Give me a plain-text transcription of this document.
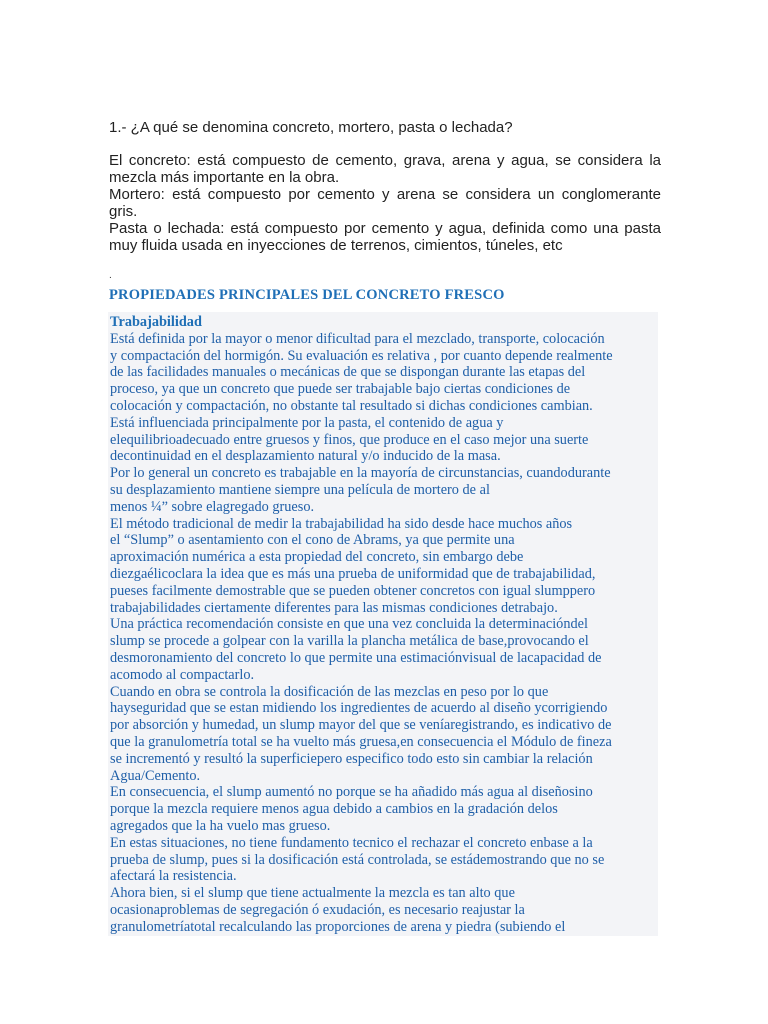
1.- ¿A qué se denomina concreto, mortero, pasta o lechada?

El concreto: está compuesto de cemento, grava, arena y agua, se considera la mezcla más importante en la obra.

Mortero: está compuesto por cemento y arena se considera un conglomerante gris.

Pasta o lechada: está compuesto por cemento y agua, definida como una pasta muy fluida usada en inyecciones de terrenos, cimientos, túneles, etc

.
PROPIEDADES PRINCIPALES DEL CONCRETO FRESCO

Trabajabilidad

Está definida por la mayor o menor dificultad para el mezclado, transporte, colocación

y compactación del hormigón. Su evaluación es relativa , por cuanto depende realmente

de las facilidades manuales o mecánicas de que se dispongan durante las etapas del

proceso, ya que un concreto que puede ser trabajable bajo ciertas condiciones de

colocación y compactación, no obstante tal resultado si dichas condiciones cambian.

Está influenciada principalmente por la pasta, el contenido de agua y

elequilibrioadecuado entre gruesos y finos, que produce en el caso mejor una suerte

decontinuidad en el desplazamiento natural y/o inducido de la masa.

Por lo general un concreto es trabajable en la mayoría de circunstancias, cuandodurante

su desplazamiento mantiene siempre una película de mortero de al

menos ¼” sobre elagregado grueso.

El método tradicional de medir la trabajabilidad ha sido desde hace muchos años

el “Slump” o asentamiento con el cono de Abrams, ya que permite una

aproximación numérica a esta propiedad del concreto, sin embargo debe

diezgaélicoclara la idea que es más una prueba de uniformidad que de trabajabilidad,

pueses facilmente demostrable que se pueden obtener concretos con igual slumppero

trabajabilidades ciertamente diferentes para las mismas condiciones detrabajo.

Una práctica recomendación consiste en que una vez concluida la determinacióndel

slump se procede a golpear con la varilla la plancha metálica de base,provocando el

desmoronamiento del concreto lo que permite una estimaciónvisual de lacapacidad de

acomodo al compactarlo.

Cuando en obra se controla la dosificación de las mezclas en peso por lo que

hayseguridad que se estan midiendo los ingredientes de acuerdo al diseño ycorrigiendo

por absorción y humedad, un slump mayor del que se veníaregistrando, es indicativo de

que la granulometría total se ha vuelto más gruesa,en consecuencia el Módulo de fineza

se incrementó y resultó la superficiepero especifico todo esto sin cambiar la relación

Agua/Cemento.

En consecuencia, el slump aumentó no porque se ha añadido más agua al diseñosino

porque la mezcla requiere menos agua debido a cambios en la gradación delos

agregados que la ha vuelo mas grueso.

En estas situaciones, no tiene fundamento tecnico el rechazar el concreto enbase a la

prueba de slump, pues si la dosificación está controlada, se estádemostrando que no se

afectará la resistencia.

Ahora bien, si el slump que tiene actualmente la mezcla es tan alto que

ocasionaproblemas de segregación ó exudación, es necesario reajustar la

granulometríatotal recalculando las proporciones de arena y piedra (subiendo el
